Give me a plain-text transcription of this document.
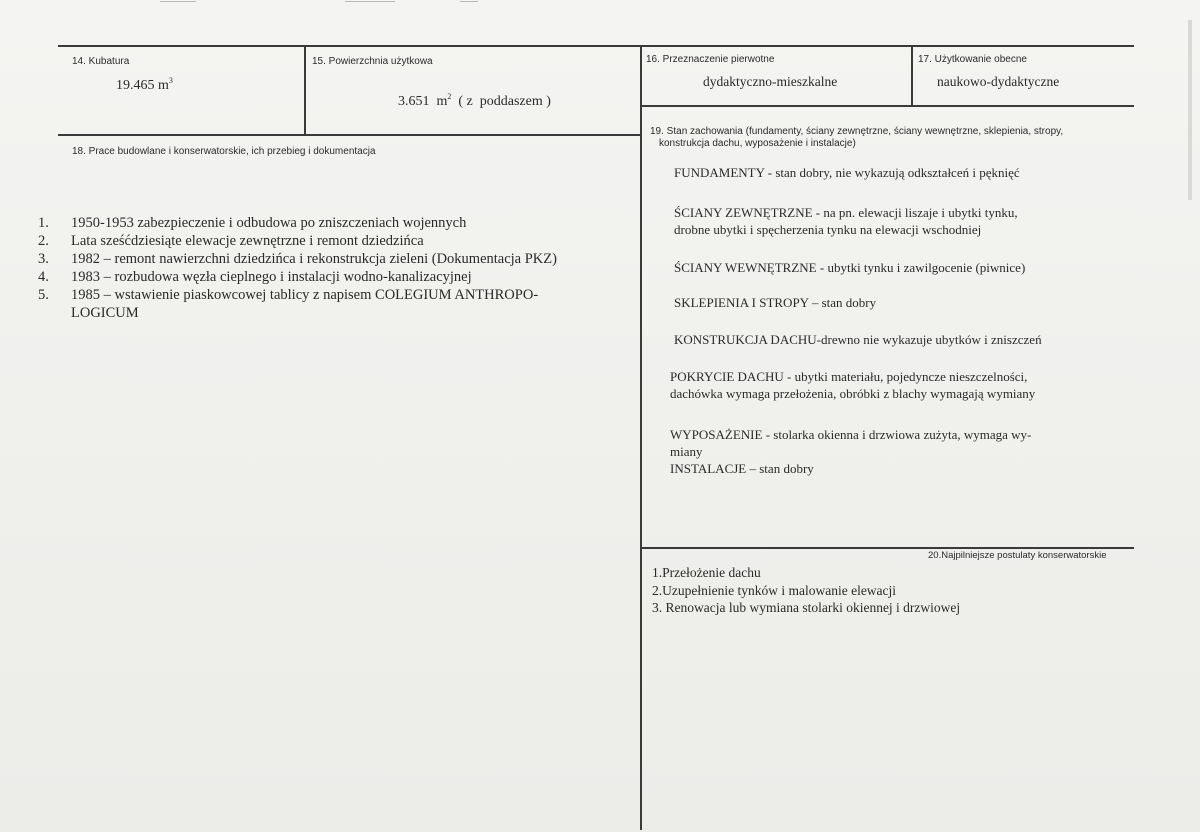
14. Kubatura
19.465 $m^3$
15. Powierzchnia użytkowa

3.651  $m^2$  ( z  poddaszem )

16. Przeznaczenie pierwotne
dydaktyczno-mieszkalne
17. Użytkowanie obecne
naukowo-dydaktyczne
18. Prace budowlane i konserwatorskie, ich przebieg i dokumentacja
1. 1950-1953 zabezpieczenie i odbudowa po zniszczeniach wojennych
2. Lata sześćdziesiąte elewacje zewnętrzne i remont dziedzińca
3. 1982 – remont nawierzchni dziedzińca i rekonstrukcja zieleni (Dokumentacja PKZ)
4. 1983 – rozbudowa węzła cieplnego i instalacji wodno-kanalizacyjnej
5. 1985 – wstawienie piaskowcowej tablicy z napisem COLEGIUM ANTHROPO-
LOGICUM
19. Stan zachowania (fundamenty, ściany zewnętrzne, ściany wewnętrzne, sklepienia, stropy,
konstrukcja dachu, wyposażenie i instalacje)
FUNDAMENTY - stan dobry, nie wykazują odkształceń i pęknięć
ŚCIANY ZEWNĘTRZNE - na pn. elewacji liszaje i ubytki tynku,
drobne ubytki i spęcherzenia tynku na elewacji wschodniej
ŚCIANY WEWNĘTRZNE - ubytki tynku i zawilgocenie (piwnice)
SKLEPIENIA I STROPY – stan dobry
KONSTRUKCJA DACHU-drewno nie wykazuje ubytków i zniszczeń
POKRYCIE DACHU - ubytki materiału, pojedyncze nieszczelności,
dachówka wymaga przełożenia, obróbki z blachy wymagają wymiany
WYPOSAŻENIE - stolarka okienna i drzwiowa zużyta, wymaga wy-
miany
INSTALACJE – stan dobry
20.Najpilniejsze postulaty konserwatorskie
1.Przełożenie dachu
2.Uzupełnienie tynków i malowanie elewacji
3. Renowacja lub wymiana stolarki okiennej i drzwiowej
